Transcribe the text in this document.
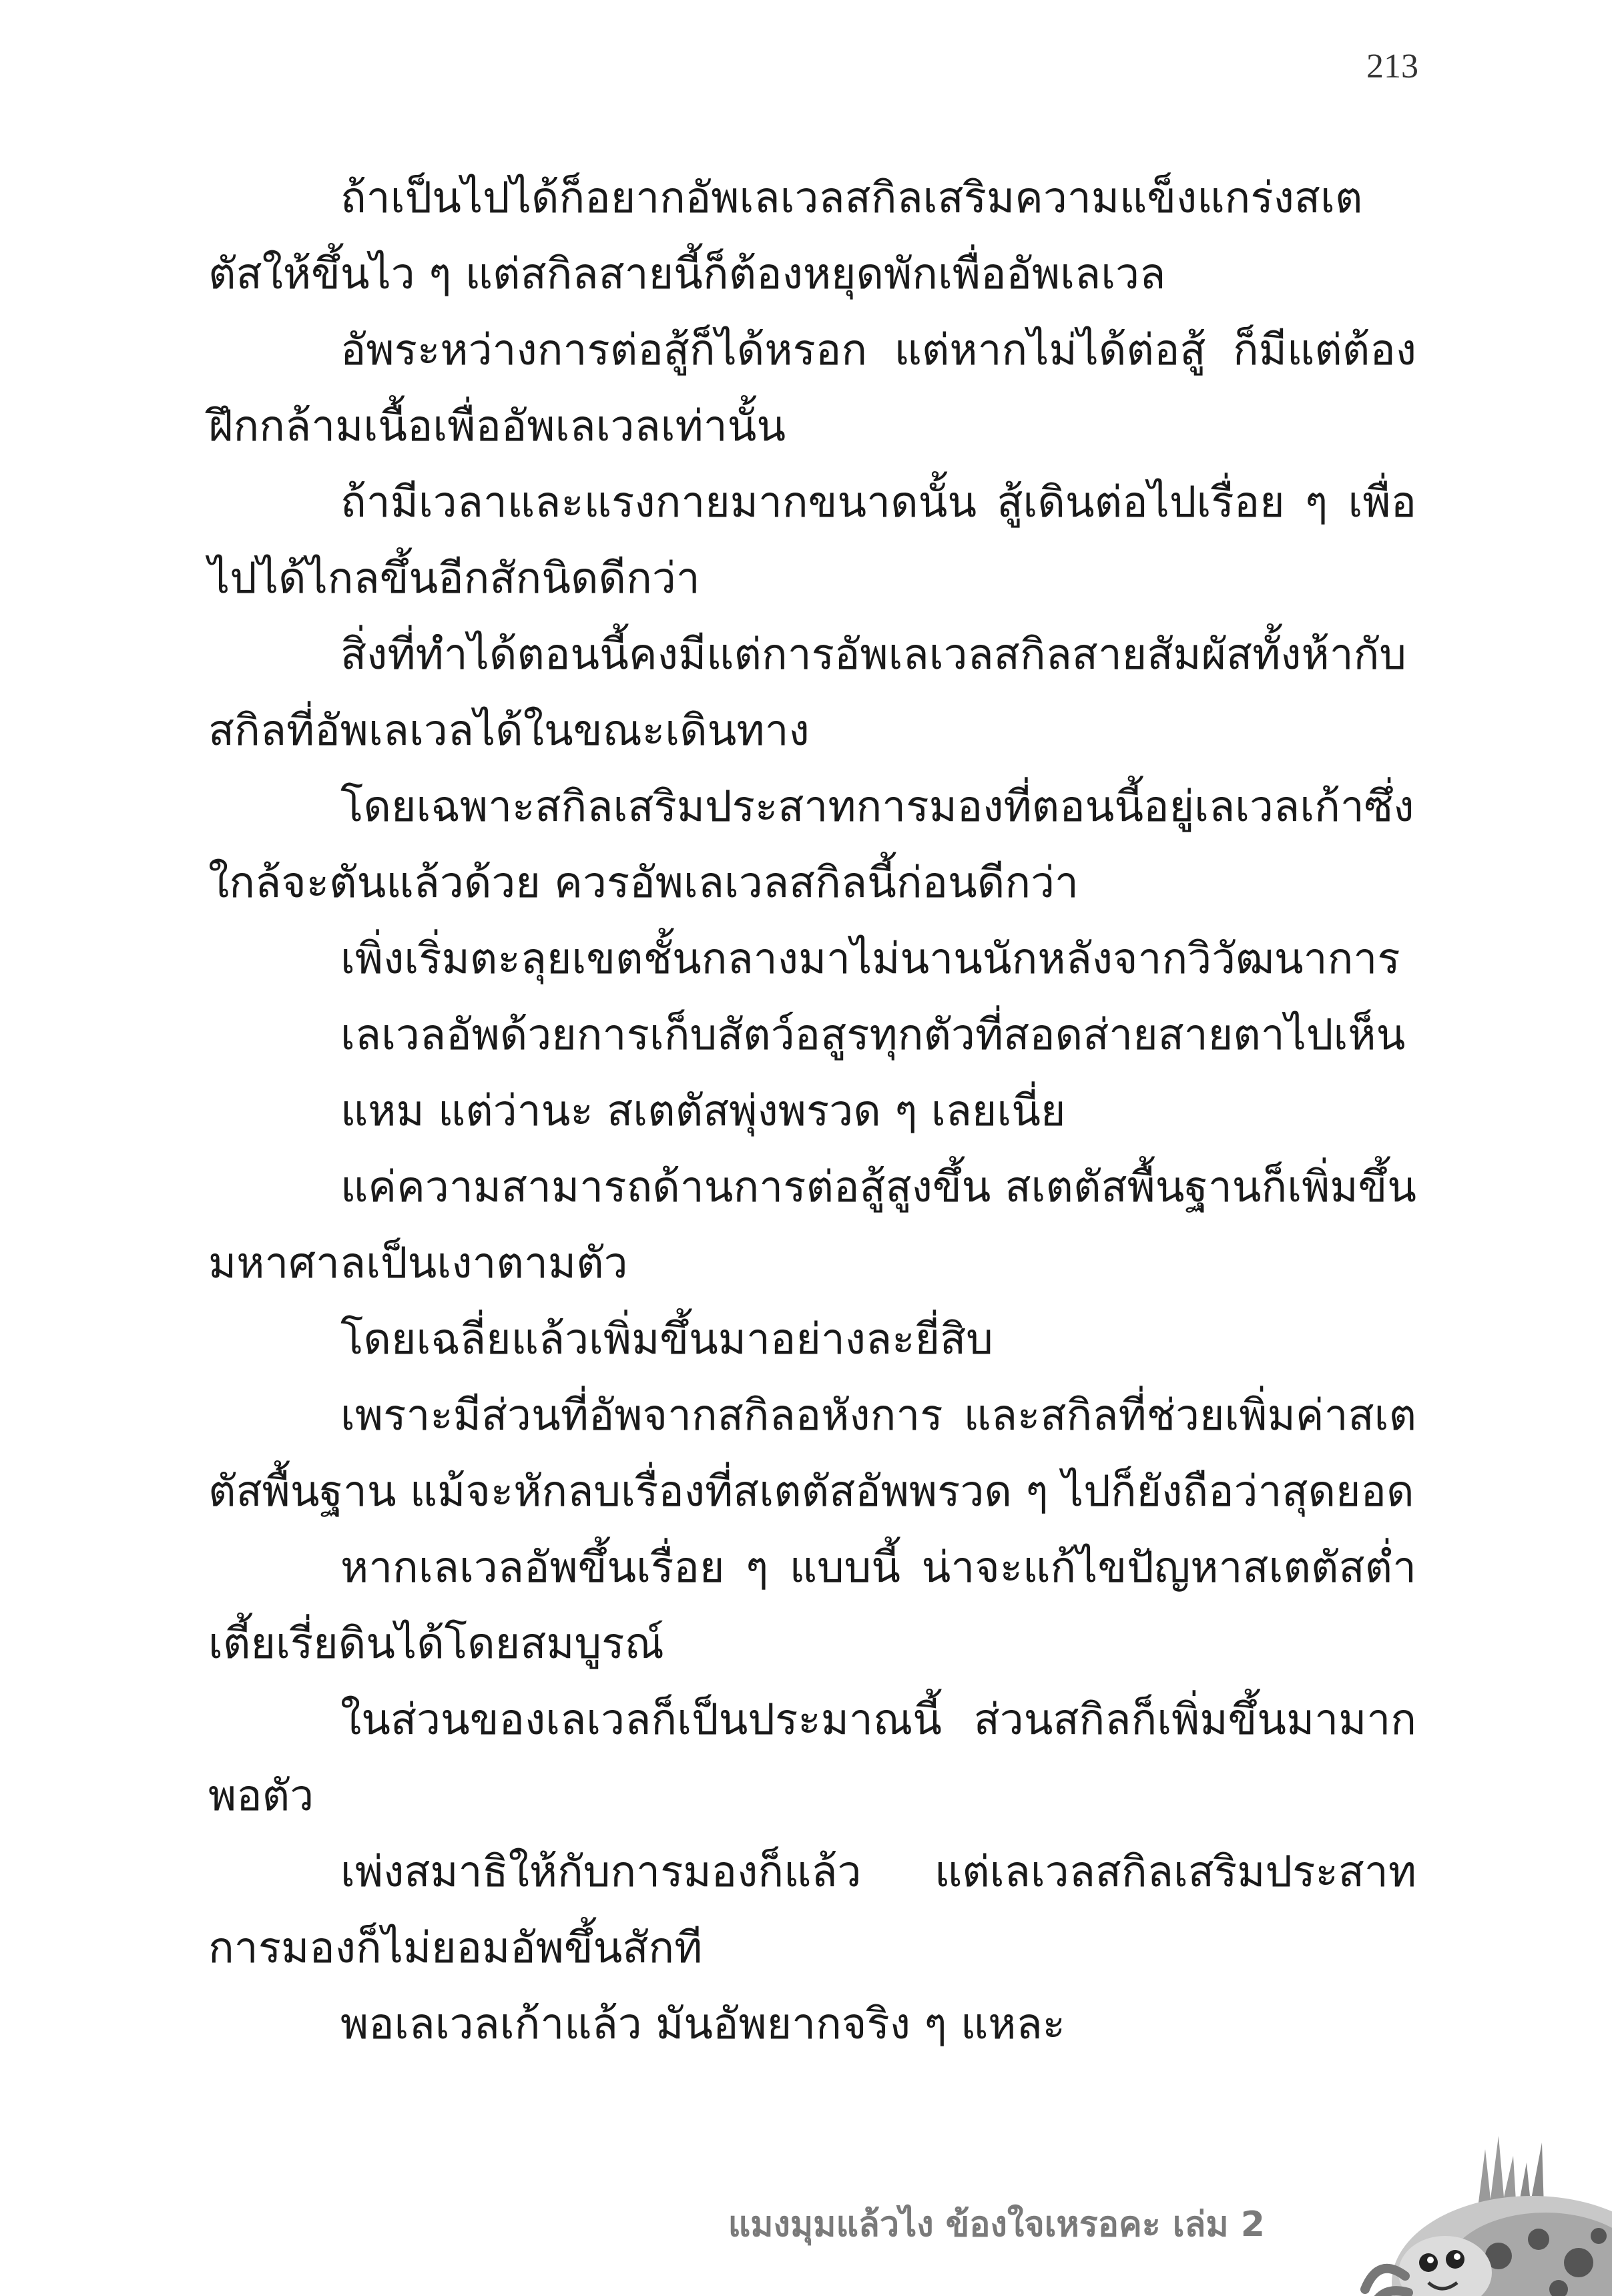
213

ถ้าเป็นไปได้ก็อยากอัพเลเวลสกิลเสริมความแข็งแกร่งสเตตัสให้ขึ้นไว ๆ แต่สกิลสายนี้ก็ต้องหยุดพักเพื่ออัพเลเวล

อัพระหว่างการต่อสู้ก็ได้หรอก แต่หากไม่ได้ต่อสู้ ก็มีแต่ต้องฝึกกล้ามเนื้อเพื่ออัพเลเวลเท่านั้น

ถ้ามีเวลาและแรงกายมากขนาดนั้น สู้เดินต่อไปเรื่อย ๆ เพื่อไปได้ไกลขึ้นอีกสักนิดดีกว่า

สิ่งที่ทำได้ตอนนี้คงมีแต่การอัพเลเวลสกิลสายสัมผัสทั้งห้ากับสกิลที่อัพเลเวลได้ในขณะเดินทาง

โดยเฉพาะสกิลเสริมประสาทการมองที่ตอนนี้อยู่เลเวลเก้าซึ่งใกล้จะตันแล้วด้วย ควรอัพเลเวลสกิลนี้ก่อนดีกว่า

เพิ่งเริ่มตะลุยเขตชั้นกลางมาไม่นานนักหลังจากวิวัฒนาการ

เลเวลอัพด้วยการเก็บสัตว์อสูรทุกตัวที่สอดส่ายสายตาไปเห็น

แหม แต่ว่านะ สเตตัสพุ่งพรวด ๆ เลยเนี่ย

แค่ความสามารถด้านการต่อสู้สูงขึ้น สเตตัสพื้นฐานก็เพิ่มขึ้นมหาศาลเป็นเงาตามตัว

โดยเฉลี่ยแล้วเพิ่มขึ้นมาอย่างละยี่สิบ

เพราะมีส่วนที่อัพจากสกิลอหังการ และสกิลที่ช่วยเพิ่มค่าสเตตัสพื้นฐาน แม้จะหักลบเรื่องที่สเตตัสอัพพรวด ๆ ไปก็ยังถือว่าสุดยอด

หากเลเวลอัพขึ้นเรื่อย ๆ แบบนี้ น่าจะแก้ไขปัญหาสเตตัสต่ำเตี้ยเรี่ยดินได้โดยสมบูรณ์

ในส่วนของเลเวลก็เป็นประมาณนี้ ส่วนสกิลก็เพิ่มขึ้นมามากพอตัว

เพ่งสมาธิให้กับการมองก็แล้ว แต่เลเวลสกิลเสริมประสาทการมองก็ไม่ยอมอัพขึ้นสักที

พอเลเวลเก้าแล้ว มันอัพยากจริง ๆ แหละ

แมงมุมแล้วไง ข้องใจเหรอคะ เล่ม 2
